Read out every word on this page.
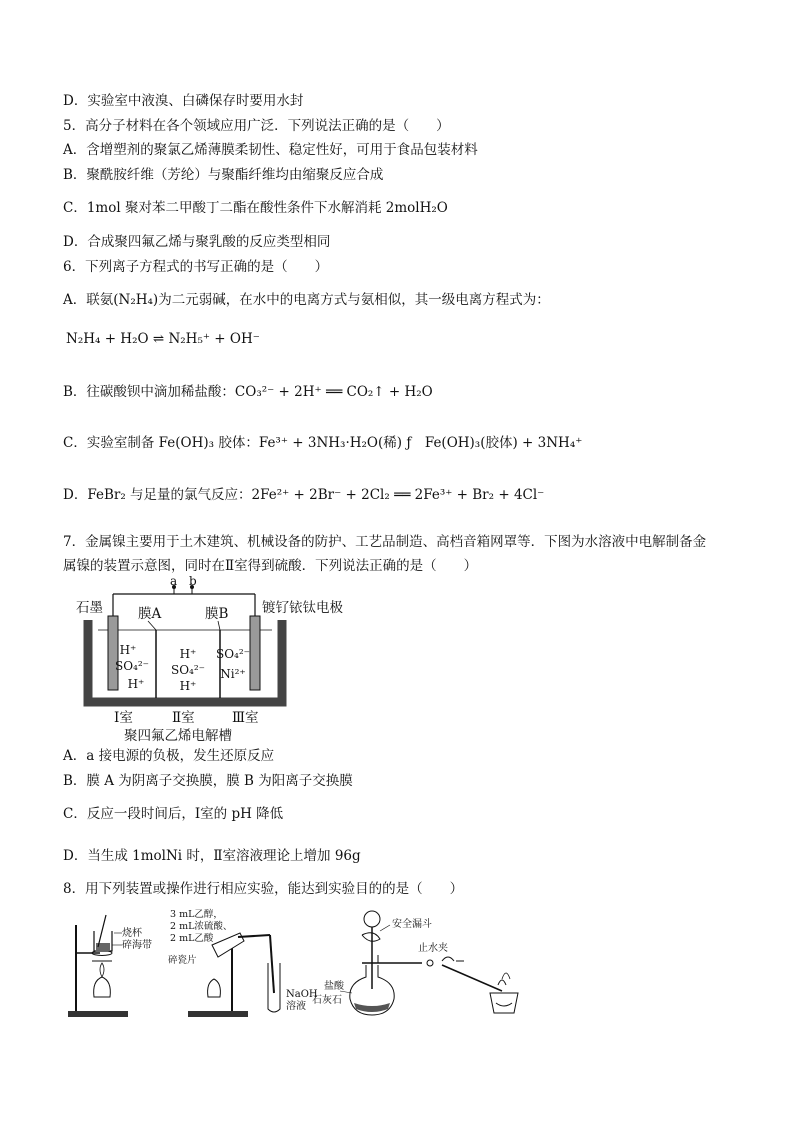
D．实验室中液溴、白磷保存时要用水封
5．高分子材料在各个领域应用广泛．下列说法正确的是（　　）
A．含增塑剂的聚氯乙烯薄膜柔韧性、稳定性好，可用于食品包装材料
B．聚酰胺纤维（芳纶）与聚酯纤维均由缩聚反应合成
C．1mol 聚对苯二甲酸丁二酯在酸性条件下水解消耗 2molH₂O
D．合成聚四氟乙烯与聚乳酸的反应类型相同
6．下列离子方程式的书写正确的是（　　）
A．联氨(N₂H₄)为二元弱碱，在水中的电离方式与氨相似，其一级电离方程式为：
N₂H₄ + H₂O ⇌ N₂H₅⁺ + OH⁻
B．往碳酸钡中滴加稀盐酸：CO₃²⁻ + 2H⁺ ══ CO₂↑ + H₂O
C．实验室制备 Fe(OH)₃ 胶体：Fe³⁺ + 3NH₃·H₂O(稀) ƒ　Fe(OH)₃(胶体) + 3NH₄⁺
D．FeBr₂ 与足量的氯气反应：2Fe²⁺ + 2Br⁻ + 2Cl₂ ══ 2Fe³⁺ + Br₂ + 4Cl⁻
7．金属镍主要用于土木建筑、机械设备的防护、工艺品制造、高档音箱网罩等．下图为水溶液中电解制备金
属镍的装置示意图，同时在Ⅱ室得到硫酸．下列说法正确的是（　　）
a b
石墨	镀钌铱钛电极
膜A	膜B
H⁺
SO₄²⁻
H⁺
H⁺
SO₄²⁻
H⁺
SO₄²⁻
Ni²⁺
Ⅰ室	Ⅱ室	Ⅲ室
聚四氟乙烯电解槽
A．a 接电源的负极，发生还原反应
B．膜 A 为阴离子交换膜，膜 B 为阳离子交换膜
C．反应一段时间后，Ⅰ室的 pH 降低
D．当生成 1molNi 时，Ⅱ室溶液理论上增加 96g
8．用下列装置或操作进行相应实验，能达到实验目的的是（　　）
烧杯
碎海带
3 mL乙醇，
2 mL浓硫酸、
2 mL乙酸
碎瓷片
NaOH
溶液
安全漏斗
止水夹
盐酸
石灰石
